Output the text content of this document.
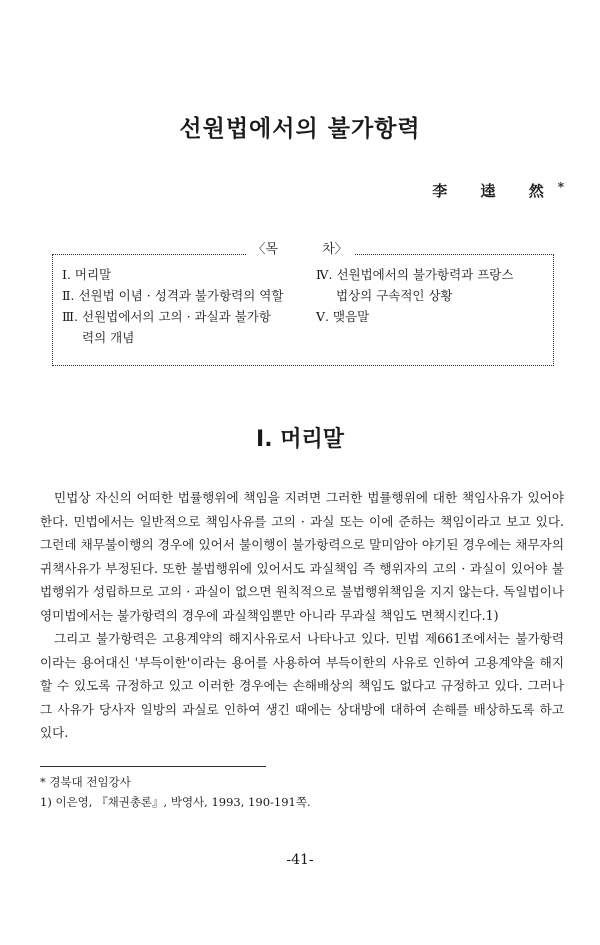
선원법에서의 불가항력
李 逵 然*
〈목 차〉
Ⅰ. 머리말
Ⅱ. 선원법 이념 · 성격과 불가항력의 역할
Ⅲ. 선원법에서의 고의 · 과실과 불가항
력의 개념
Ⅳ. 선원법에서의 불가항력과 프랑스
법상의 구속적인 상황
Ⅴ. 맺음말
Ⅰ. 머리말

민법상 자신의 어떠한 법률행위에 책임을 지려면 그러한 법률행위에 대한 책임사유가 있어야 한다. 민법에서는 일반적으로 책임사유를 고의 · 과실 또는 이에 준하는 책임이라고 보고 있다. 그런데 채무불이행의 경우에 있어서 불이행이 불가항력으로 말미암아 야기된 경우에는 채무자의 귀책사유가 부정된다. 또한 불법행위에 있어서도 과실책임 즉 행위자의 고의 · 과실이 있어야 불법행위가 성립하므로 고의 · 과실이 없으면 원칙적으로 불법행위책임을 지지 않는다. 독일법이나 영미법에서는 불가항력의 경우에 과실책임뿐만 아니라 무과실 책임도 면책시킨다.1)

그리고 불가항력은 고용계약의 해지사유로서 나타나고 있다. 민법 제661조에서는 불가항력이라는 용어대신 '부득이한'이라는 용어를 사용하여 부득이한의 사유로 인하여 고용계약을 해지할 수 있도록 규정하고 있고 이러한 경우에는 손해배상의 책임도 없다고 규정하고 있다. 그러나 그 사유가 당사자 일방의 과실로 인하여 생긴 때에는 상대방에 대하여 손해를 배상하도록 하고 있다.

* 경북대 전임강사
1) 이은영, 『채권총론』, 박영사, 1993, 190-191쪽.
-41-
